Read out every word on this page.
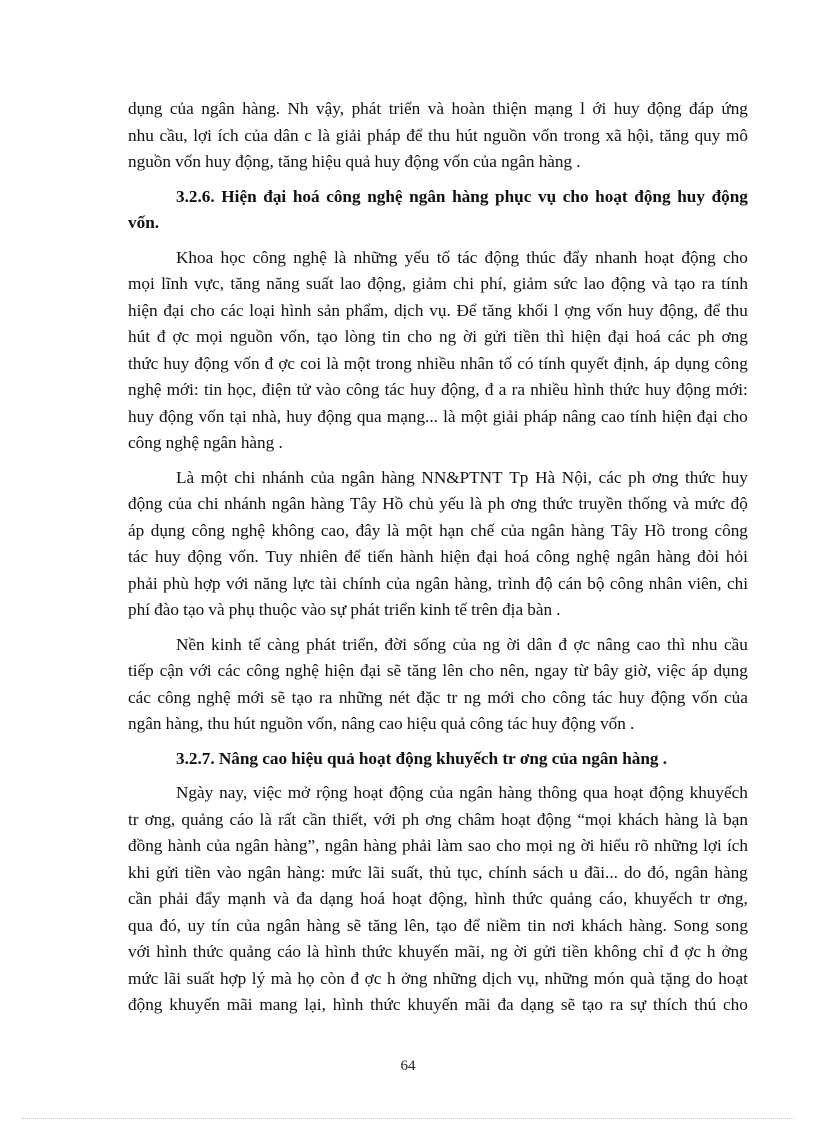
dụng của ngân hàng. Nh vậy, phát triển và hoàn thiện mạng l ới huy động đáp ứng
nhu cầu, lợi ích của dân c là giải pháp để thu hút nguồn vốn trong xã hội, tăng quy mô
nguồn vốn huy động, tăng hiệu quả huy động vốn của ngân hàng .
3.2.6. Hiện đại hoá công nghệ ngân hàng phục vụ cho hoạt động huy động
vốn.
Khoa học công nghệ là những yếu tố tác động thúc đẩy nhanh hoạt động cho
mọi lĩnh vực, tăng năng suất lao động, giảm chi phí, giảm sức lao động và tạo ra tính
hiện đại cho các loại hình sản phẩm, dịch vụ. Để tăng khối l ợng vốn huy động, để thu
hút đ ợc mọi nguồn vốn, tạo lòng tin cho ng ời gửi tiền thì hiện đại hoá các ph ơng
thức huy động vốn đ ợc coi là một trong nhiều nhân tố có tính quyết định, áp dụng công
nghệ mới: tin học, điện tử vào công tác huy động, đ a ra nhiều hình thức huy động mới:
huy động vốn tại nhà, huy động qua mạng... là một giải pháp nâng cao tính hiện đại cho
công nghệ ngân hàng .
Là một chi nhánh của ngân hàng NN&PTNT Tp Hà Nội, các ph ơng thức huy
động của chi nhánh ngân hàng Tây Hồ chủ yếu là ph ơng thức truyền thống và mức độ
áp dụng công nghệ không cao, đây là một hạn chế của ngân hàng Tây Hồ trong công
tác huy động vốn. Tuy nhiên để tiến hành hiện đại hoá công nghệ ngân hàng đòi hỏi
phải phù hợp với năng lực tài chính của ngân hàng, trình độ cán bộ công nhân viên, chi
phí đào tạo và phụ thuộc vào sự phát triển kinh tế trên địa bàn .
Nền kinh tế càng phát triển, đời sống của ng ời dân đ ợc nâng cao thì nhu cầu
tiếp cận với các công nghệ hiện đại sẽ tăng lên cho nên, ngay từ bây giờ, việc áp dụng
các công nghệ mới sẽ tạo ra những nét đặc tr ng mới cho công tác huy động vốn của
ngân hàng, thu hút nguồn vốn, nâng cao hiệu quả công tác huy động vốn .
3.2.7. Nâng cao hiệu quả hoạt động khuyếch tr ơng của ngân hàng .
Ngày nay, việc mở rộng hoạt động của ngân hàng thông qua hoạt động khuyếch
tr ơng, quảng cáo là rất cần thiết, với ph ơng châm hoạt động “mọi khách hàng là bạn
đồng hành của ngân hàng”, ngân hàng phải làm sao cho mọi ng ời hiểu rõ những lợi ích
khi gửi tiền vào ngân hàng: mức lãi suất, thủ tục, chính sách u đãi... do đó, ngân hàng
cần phải đẩy mạnh và đa dạng hoá hoạt động, hình thức quảng cáo, khuyếch tr ơng,
qua đó, uy tín của ngân hàng sẽ tăng lên, tạo để niềm tin nơi khách hàng. Song song
với hình thức quảng cáo là hình thức khuyến mãi, ng ời gửi tiền không chỉ đ ợc h ởng
mức lãi suất hợp lý mà họ còn đ ợc h ởng những dịch vụ, những món quà tặng do hoạt
động khuyến mãi mang lại, hình thức khuyến mãi đa dạng sẽ tạo ra sự thích thú cho
64
